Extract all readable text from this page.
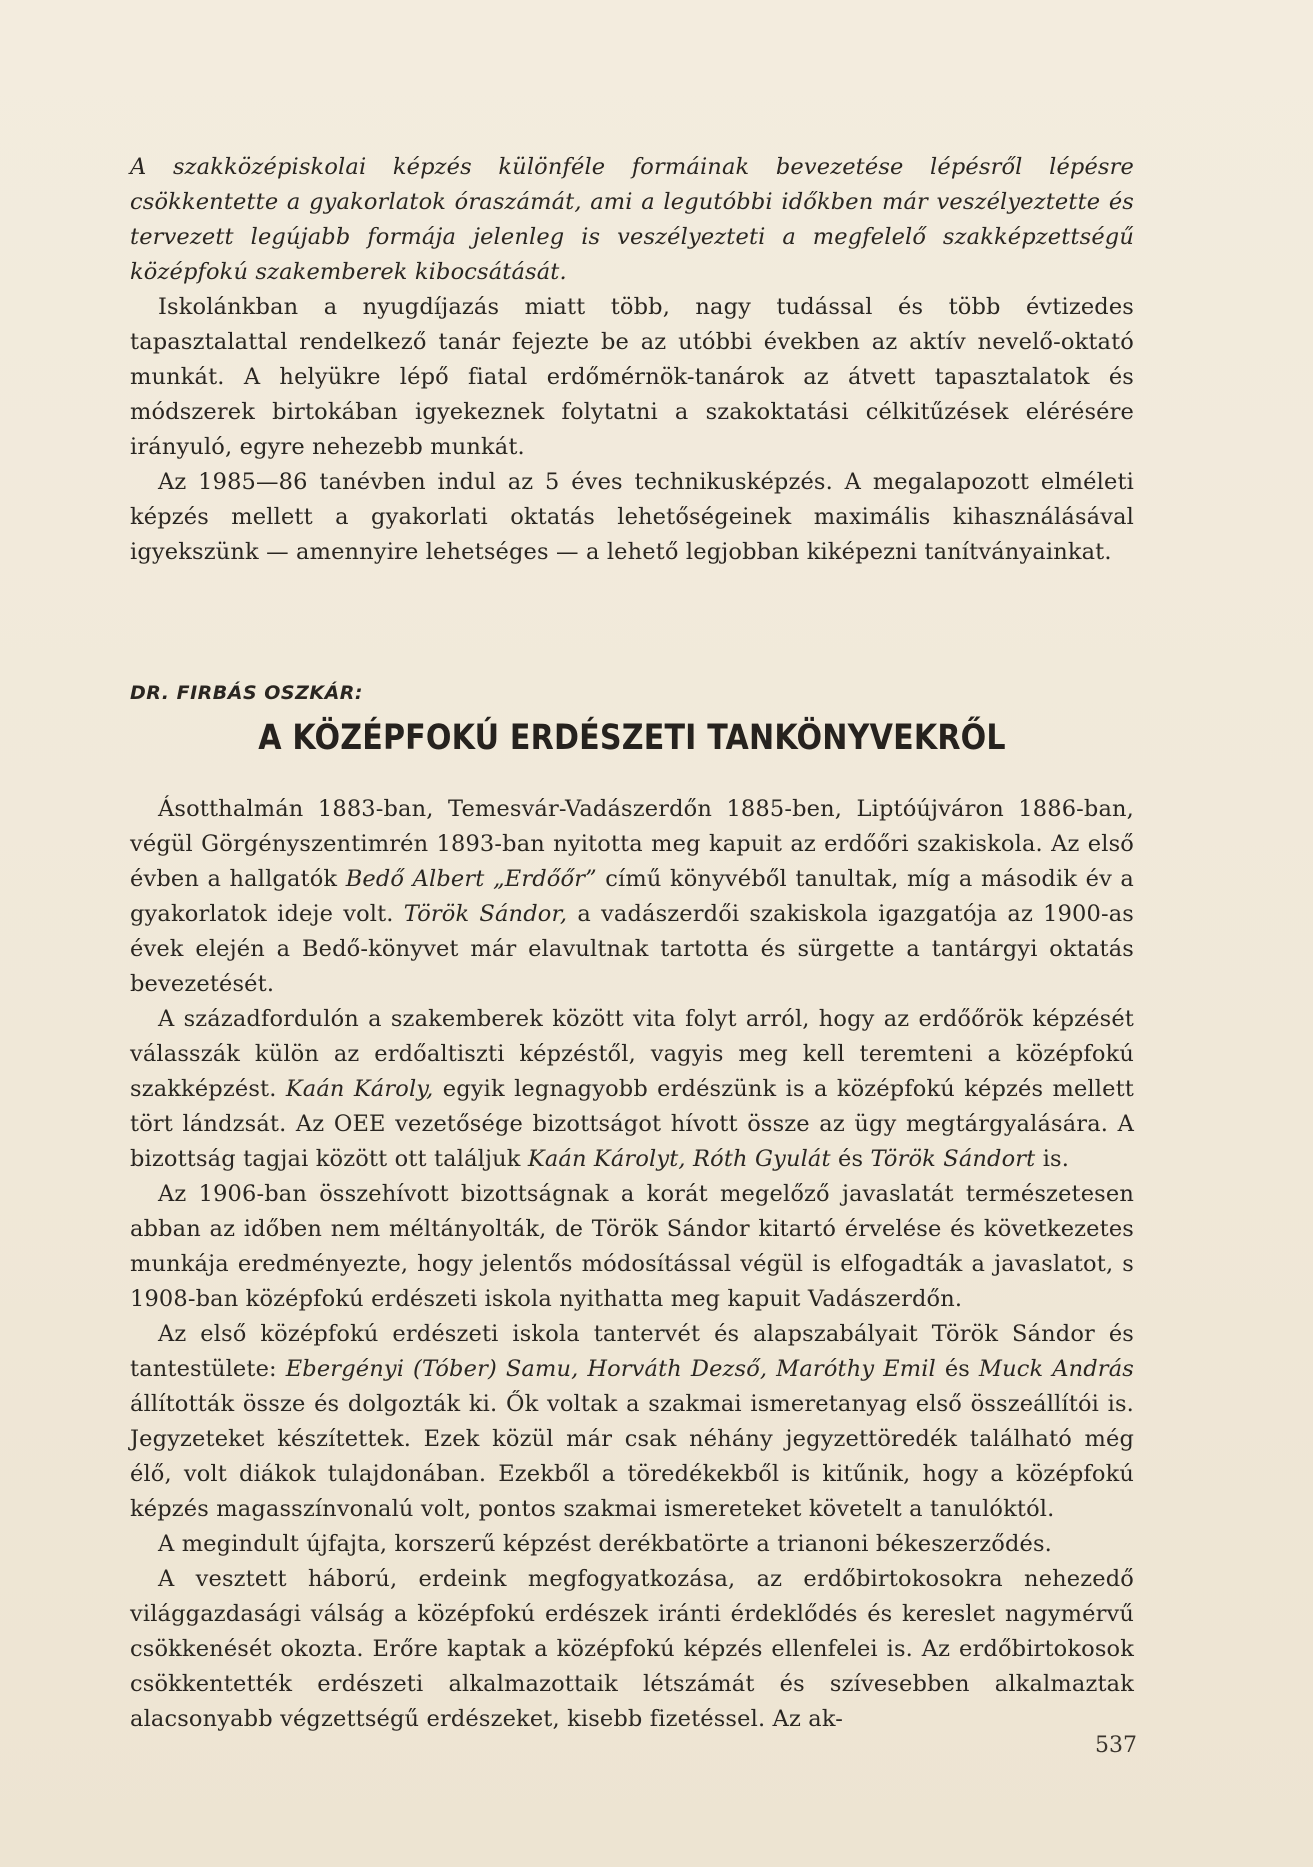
A szakközépiskolai képzés különféle formáinak bevezetése lépésről lépésre csökkentette a gyakorlatok óraszámát, ami a legutóbbi időkben már veszélyeztette és tervezett legújabb formája jelenleg is veszélyezteti a megfelelő szakképzettségű középfokú szakemberek kibocsátását.

Iskolánkban a nyugdíjazás miatt több, nagy tudással és több évtizedes tapasztalattal rendelkező tanár fejezte be az utóbbi években az aktív nevelő-oktató munkát. A helyükre lépő fiatal erdőmérnök-tanárok az átvett tapasztalatok és módszerek birtokában igyekeznek folytatni a szakoktatási célkitűzések elérésére irányuló, egyre nehezebb munkát.

Az 1985—86 tanévben indul az 5 éves technikusképzés. A megalapozott elméleti képzés mellett a gyakorlati oktatás lehetőségeinek maximális kihasználásával igyekszünk — amennyire lehetséges — a lehető legjobban kiképezni tanítványainkat.

DR. FIRBÁS OSZKÁR:
A KÖZÉPFOKÚ ERDÉSZETI TANKÖNYVEKRŐL

Ásotthalmán 1883-ban, Temesvár-Vadászerdőn 1885-ben, Liptóújváron 1886-ban, végül Görgényszentimrén 1893-ban nyitotta meg kapuit az erdőőri szakiskola. Az első évben a hallgatók Bedő Albert „Erdőőr” című könyvéből tanultak, míg a második év a gyakorlatok ideje volt. Török Sándor, a vadászerdői szakiskola igazgatója az 1900-as évek elején a Bedő-könyvet már elavultnak tartotta és sürgette a tantárgyi oktatás bevezetését.

A századfordulón a szakemberek között vita folyt arról, hogy az erdőőrök képzését válasszák külön az erdőaltiszti képzéstől, vagyis meg kell teremteni a középfokú szakképzést. Kaán Károly, egyik legnagyobb erdészünk is a középfokú képzés mellett tört lándzsát. Az OEE vezetősége bizottságot hívott össze az ügy megtárgyalására. A bizottság tagjai között ott találjuk Kaán Károlyt, Róth Gyulát és Török Sándort is.

Az 1906-ban összehívott bizottságnak a korát megelőző javaslatát természetesen abban az időben nem méltányolták, de Török Sándor kitartó érvelése és következetes munkája eredményezte, hogy jelentős módosítással végül is elfogadták a javaslatot, s 1908-ban középfokú erdészeti iskola nyithatta meg kapuit Vadászerdőn.

Az első középfokú erdészeti iskola tantervét és alapszabályait Török Sándor és tantestülete: Ebergényi (Tóber) Samu, Horváth Dezső, Maróthy Emil és Muck András állították össze és dolgozták ki. Ők voltak a szakmai ismeretanyag első összeállítói is. Jegyzeteket készítettek. Ezek közül már csak néhány jegyzettöredék található még élő, volt diákok tulajdonában. Ezekből a töredékekből is kitűnik, hogy a középfokú képzés magasszínvonalú volt, pontos szakmai ismereteket követelt a tanulóktól.

A megindult újfajta, korszerű képzést derékbatörte a trianoni békeszerződés.

A vesztett háború, erdeink megfogyatkozása, az erdőbirtokosokra nehezedő világgazdasági válság a középfokú erdészek iránti érdeklődés és kereslet nagymérvű csökkenését okozta. Erőre kaptak a középfokú képzés ellenfelei is. Az erdőbirtokosok csökkentették erdészeti alkalmazottaik létszámát és szívesebben alkalmaztak alacsonyabb végzettségű erdészeket, kisebb fizetéssel. Az ak-

537
